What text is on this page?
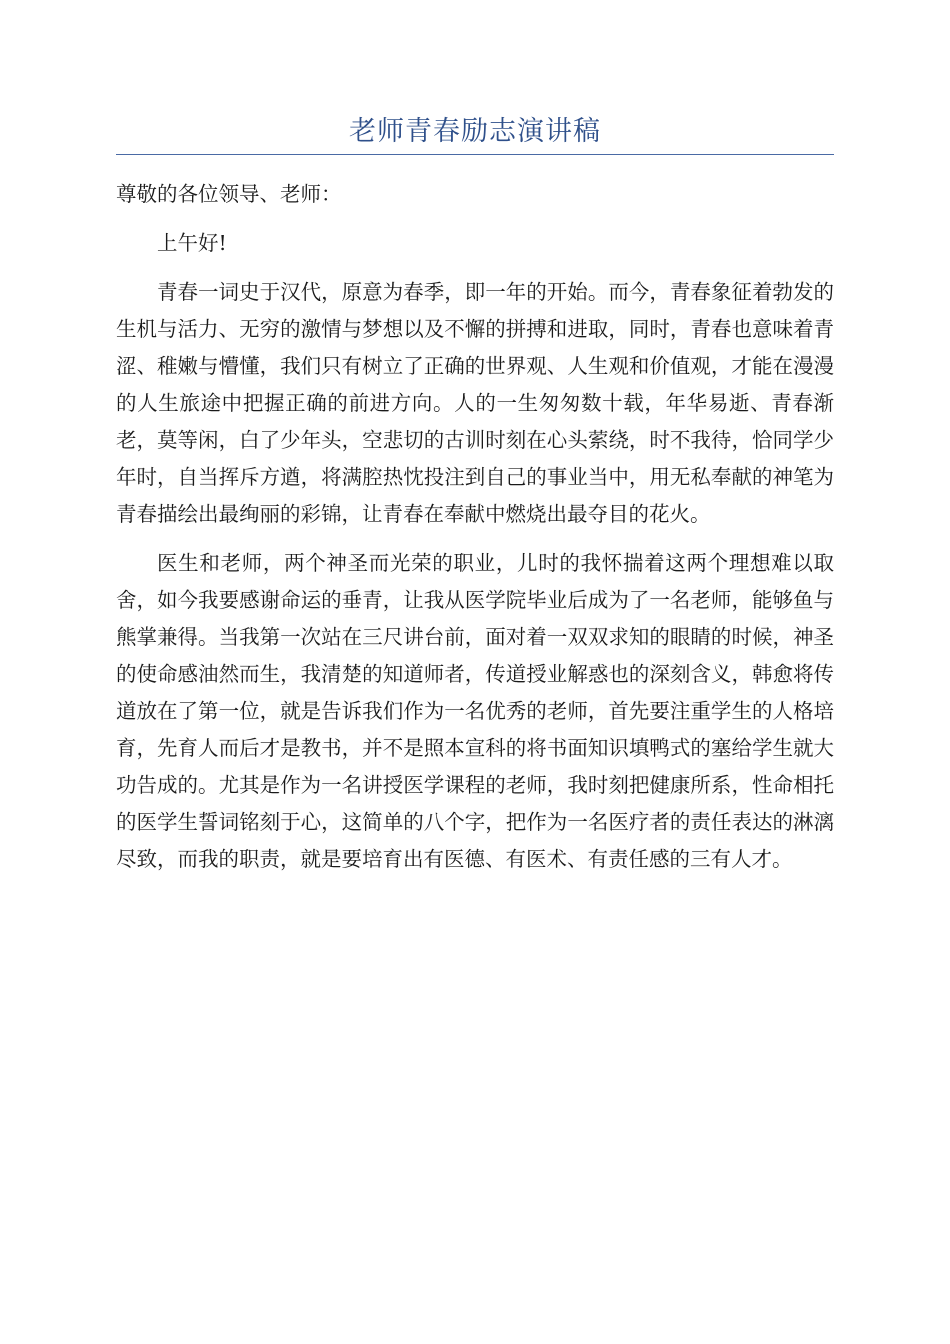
老师青春励志演讲稿

尊敬的各位领导、老师：

上午好!

青春一词史于汉代，原意为春季，即一年的开始。而今，青春象征着勃发的生机与活力、无穷的激情与梦想以及不懈的拼搏和进取，同时，青春也意味着青涩、稚嫩与懵懂，我们只有树立了正确的世界观、人生观和价值观，才能在漫漫的人生旅途中把握正确的前进方向。人的一生匆匆数十载，年华易逝、青春渐老，莫等闲，白了少年头，空悲切的古训时刻在心头萦绕，时不我待，恰同学少年时，自当挥斥方遒，将满腔热忱投注到自己的事业当中，用无私奉献的神笔为青春描绘出最绚丽的彩锦，让青春在奉献中燃烧出最夺目的花火。

医生和老师，两个神圣而光荣的职业，儿时的我怀揣着这两个理想难以取舍，如今我要感谢命运的垂青，让我从医学院毕业后成为了一名老师，能够鱼与熊掌兼得。当我第一次站在三尺讲台前，面对着一双双求知的眼睛的时候，神圣的使命感油然而生，我清楚的知道师者，传道授业解惑也的深刻含义，韩愈将传道放在了第一位，就是告诉我们作为一名优秀的老师，首先要注重学生的人格培育，先育人而后才是教书，并不是照本宣科的将书面知识填鸭式的塞给学生就大功告成的。尤其是作为一名讲授医学课程的老师，我时刻把健康所系，性命相托的医学生誓词铭刻于心，这简单的八个字，把作为一名医疗者的责任表达的淋漓尽致，而我的职责，就是要培育出有医德、有医术、有责任感的三有人才。
